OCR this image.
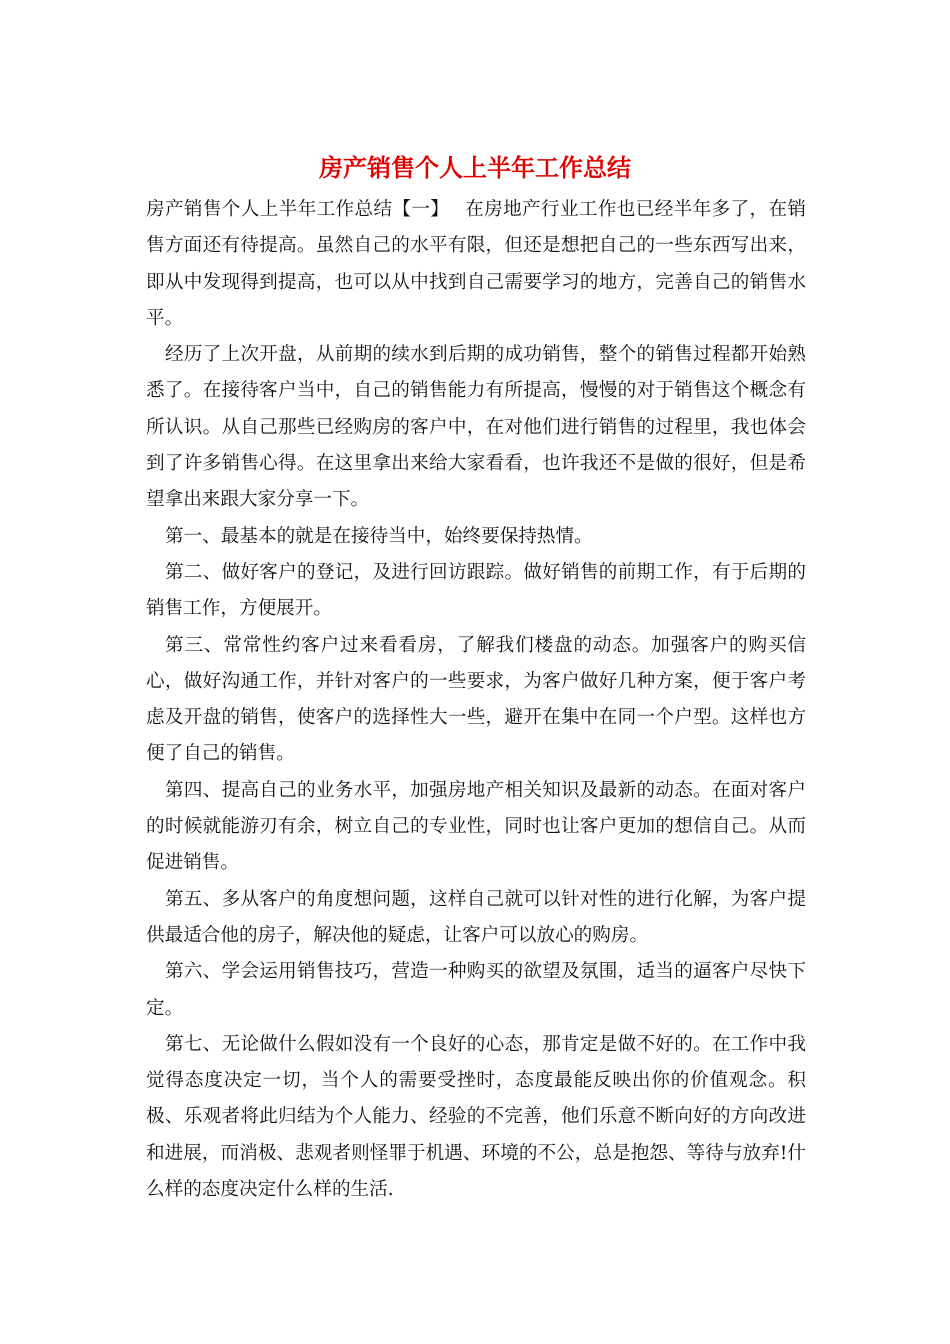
房产销售个人上半年工作总结

房产销售个人上半年工作总结【一】　 在房地产行业工作也已经半年多了，在销售方面还有待提高。虽然自己的水平有限，但还是想把自己的一些东西写出来，即从中发现得到提高，也可以从中找到自己需要学习的地方，完善自己的销售水平。

经历了上次开盘，从前期的续水到后期的成功销售，整个的销售过程都开始熟悉了。在接待客户当中，自己的销售能力有所提高，慢慢的对于销售这个概念有所认识。从自己那些已经购房的客户中，在对他们进行销售的过程里，我也体会到了许多销售心得。在这里拿出来给大家看看，也许我还不是做的很好，但是希望拿出来跟大家分享一下。

第一、最基本的就是在接待当中，始终要保持热情。

第二、做好客户的登记，及进行回访跟踪。做好销售的前期工作，有于后期的销售工作，方便展开。

第三、常常性约客户过来看看房，了解我们楼盘的动态。加强客户的购买信心，做好沟通工作，并针对客户的一些要求，为客户做好几种方案，便于客户考虑及开盘的销售，使客户的选择性大一些，避开在集中在同一个户型。这样也方便了自己的销售。

第四、提高自己的业务水平，加强房地产相关知识及最新的动态。在面对客户的时候就能游刃有余，树立自己的专业性，同时也让客户更加的想信自己。从而促进销售。

第五、多从客户的角度想问题，这样自己就可以针对性的进行化解，为客户提供最适合他的房子，解决他的疑虑，让客户可以放心的购房。

第六、学会运用销售技巧，营造一种购买的欲望及氛围，适当的逼客户尽快下定。

第七、无论做什么假如没有一个良好的心态，那肯定是做不好的。在工作中我觉得态度决定一切，当个人的需要受挫时，态度最能反映出你的价值观念。积极、乐观者将此归结为个人能力、经验的不完善，他们乐意不断向好的方向改进和进展，而消极、悲观者则怪罪于机遇、环境的不公，总是抱怨、等待与放弃!什么样的态度决定什么样的生活.
